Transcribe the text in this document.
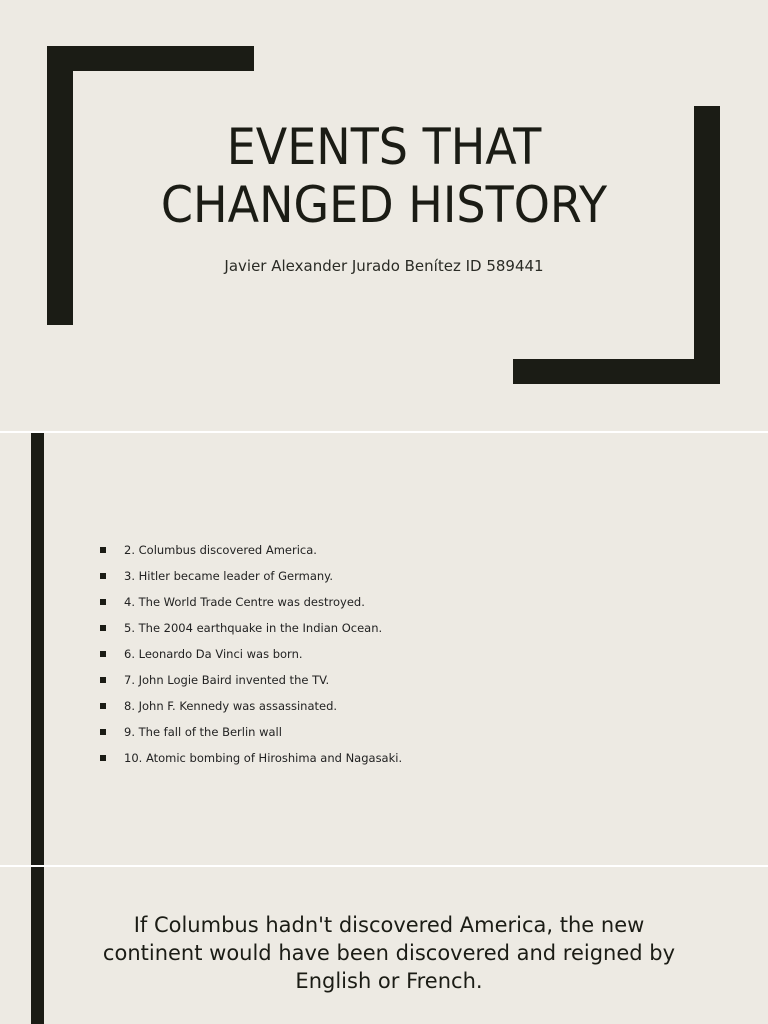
EVENTS THAT
CHANGED HISTORY
Javier Alexander Jurado Benítez ID 589441
2. Columbus discovered America.
3. Hitler became leader of Germany.
4. The World Trade Centre was destroyed.
5. The 2004 earthquake in the Indian Ocean.
6. Leonardo Da Vinci was born.
7. John Logie Baird invented the TV.
8. John F. Kennedy was assassinated.
9. The fall of the Berlin wall
10. Atomic bombing of Hiroshima and Nagasaki.

If Columbus hadn't discovered America, the new continent would have been discovered and reigned by English or French.
